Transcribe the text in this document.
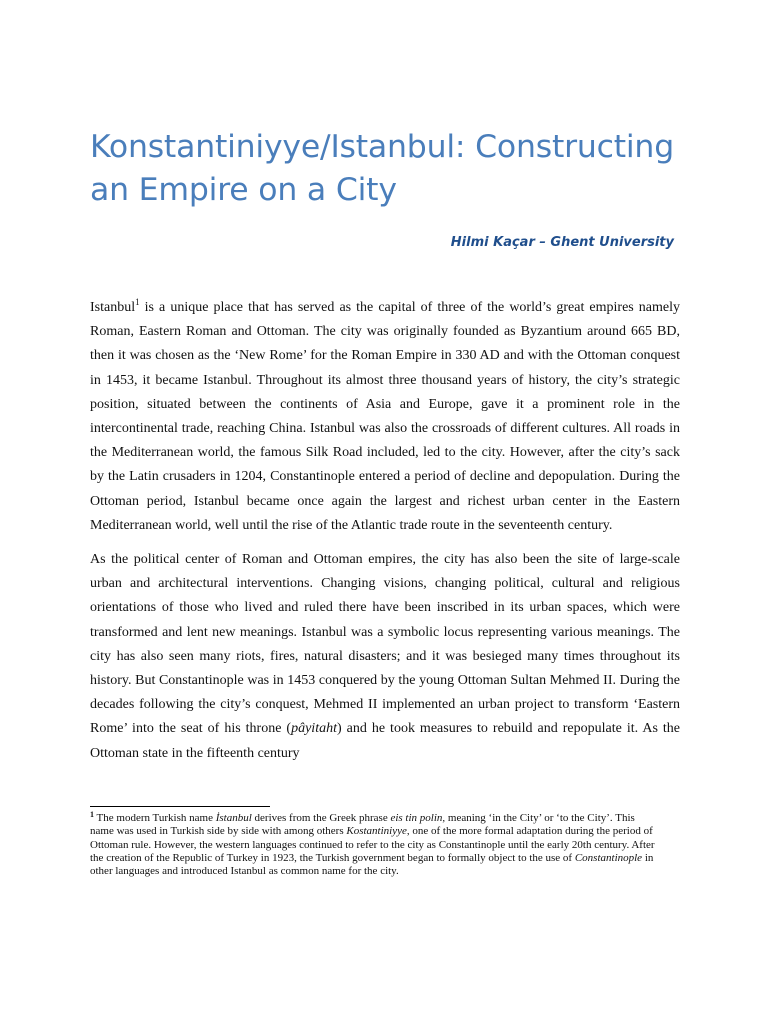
Konstantiniyye/Istanbul: Constructing
an Empire on a City
Hilmi Kaçar – Ghent University

Istanbul$^1$ is a unique place that has served as the capital of three of the world’s great empires namely Roman, Eastern Roman and Ottoman. The city was originally founded as Byzantium around 665 BD, then it was chosen as the ‘New Rome’ for the Roman Empire in 330 AD and with the Ottoman conquest in 1453, it became Istanbul. Throughout its almost three thousand years of history, the city’s strategic position, situated between the continents of Asia and Europe, gave it a prominent role in the intercontinental trade, reaching China. Istanbul was also the crossroads of different cultures. All roads in the Mediterranean world, the famous Silk Road included, led to the city. However, after the city’s sack by the Latin crusaders in 1204, Constantinople entered a period of decline and depopulation. During the Ottoman period, Istanbul became once again the largest and richest urban center in the Eastern Mediterranean world, well until the rise of the Atlantic trade route in the seventeenth century.

As the political center of Roman and Ottoman empires, the city has also been the site of large-scale urban and architectural interventions. Changing visions, changing political, cultural and religious orientations of those who lived and ruled there have been inscribed in its urban spaces, which were transformed and lent new meanings. Istanbul was a symbolic locus representing various meanings. The city has also seen many riots, fires, natural disasters; and it was besieged many times throughout its history. But Constantinople was in 1453 conquered by the young Ottoman Sultan Mehmed II. During the decades following the city’s conquest, Mehmed II implemented an urban project to transform ‘Eastern Rome’ into the seat of his throne (pâyitaht) and he took measures to rebuild and repopulate it. As the Ottoman state in the fifteenth century

$^1$ The modern Turkish name İstanbul derives from the Greek phrase eis tin polin, meaning ‘in the City’ or ‘to the City’. This name was used in Turkish side by side with among others Kostantiniyye, one of the more formal adaptation during the period of Ottoman rule. However, the western languages continued to refer to the city as Constantinople until the early 20th century. After the creation of the Republic of Turkey in 1923, the Turkish government began to formally object to the use of Constantinople in other languages and introduced Istanbul as common name for the city.
